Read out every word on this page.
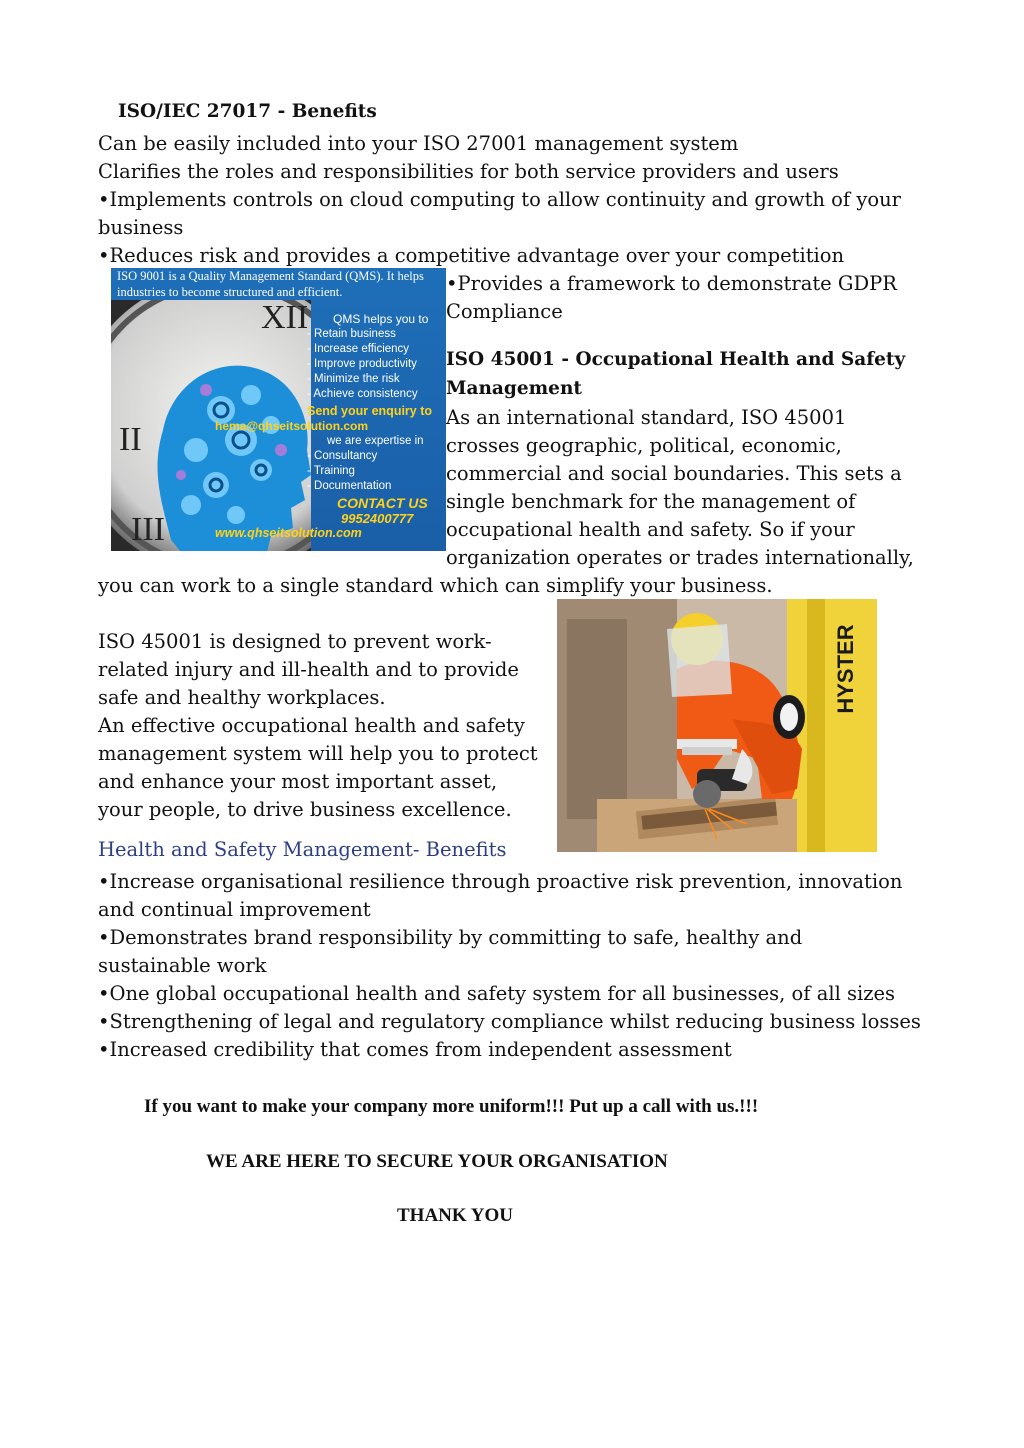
ISO/IEC 27017 - Benefits
Can be easily included into your ISO 27001 management system
Clarifies the roles and responsibilities for both service providers and users
•Implements controls on cloud computing to allow continuity and growth of your
business
•Reduces risk and provides a competitive advantage over your competition
ISO 9001 is a Quality Management Standard (QMS). It helps
industries to become structured and efficient.
II
III
XII	QMS helps you to
- Retain business
- Increase efficiency
- Improve productivity
- Minimize the risk
- Achieve consistency
Send your enquiry to
hema@qhseitsolution.com
we are expertise in
- Consultancy
- Training
- Documentation
CONTACT US
9952400777
www.qhseitsolution.com
•Provides a framework to demonstrate GDPR
Compliance
ISO 45001 - Occupational Health and Safety
Management
As an international standard, ISO 45001
crosses geographic, political, economic,
commercial and social boundaries. This sets a
single benchmark for the management of
occupational health and safety. So if your
organization operates or trades internationally,
you can work to a single standard which can simplify your business.
ISO 45001 is designed to prevent work-
related injury and ill-health and to provide
safe and healthy workplaces.
An effective occupational health and safety
management system will help you to protect
and enhance your most important asset,
your people, to drive business excellence.
HYSTER
Health and Safety Management- Benefits
•Increase organisational resilience through proactive risk prevention, innovation
and continual improvement
•Demonstrates brand responsibility by committing to safe, healthy and
sustainable work
•One global occupational health and safety system for all businesses, of all sizes
•Strengthening of legal and regulatory compliance whilst reducing business losses
•Increased credibility that comes from independent assessment
If you want to make your company more uniform!!! Put up a call with us.!!!
WE ARE HERE TO SECURE YOUR ORGANISATION
THANK YOU
